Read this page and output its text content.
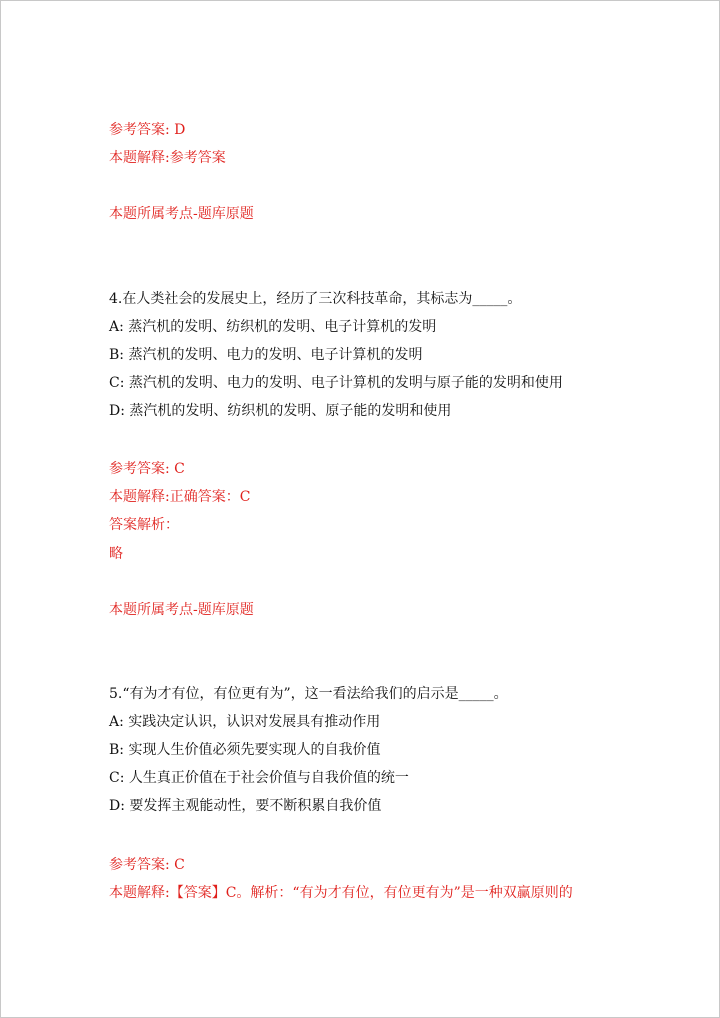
参考答案: D
本题解释:参考答案
本题所属考点-题库原题
4.在人类社会的发展史上，经历了三次科技革命，其标志为_____。
A: 蒸汽机的发明、纺织机的发明、电子计算机的发明
B: 蒸汽机的发明、电力的发明、电子计算机的发明
C: 蒸汽机的发明、电力的发明、电子计算机的发明与原子能的发明和使用
D: 蒸汽机的发明、纺织机的发明、原子能的发明和使用
参考答案: C
本题解释:正确答案：C
答案解析：
略
本题所属考点-题库原题
5.“有为才有位，有位更有为”，这一看法给我们的启示是_____。
A: 实践决定认识，认识对发展具有推动作用
B: 实现人生价值必须先要实现人的自我价值
C: 人生真正价值在于社会价值与自我价值的统一
D: 要发挥主观能动性，要不断积累自我价值
参考答案: C
本题解释:【答案】C。解析：“有为才有位，有位更有为”是一种双赢原则的
